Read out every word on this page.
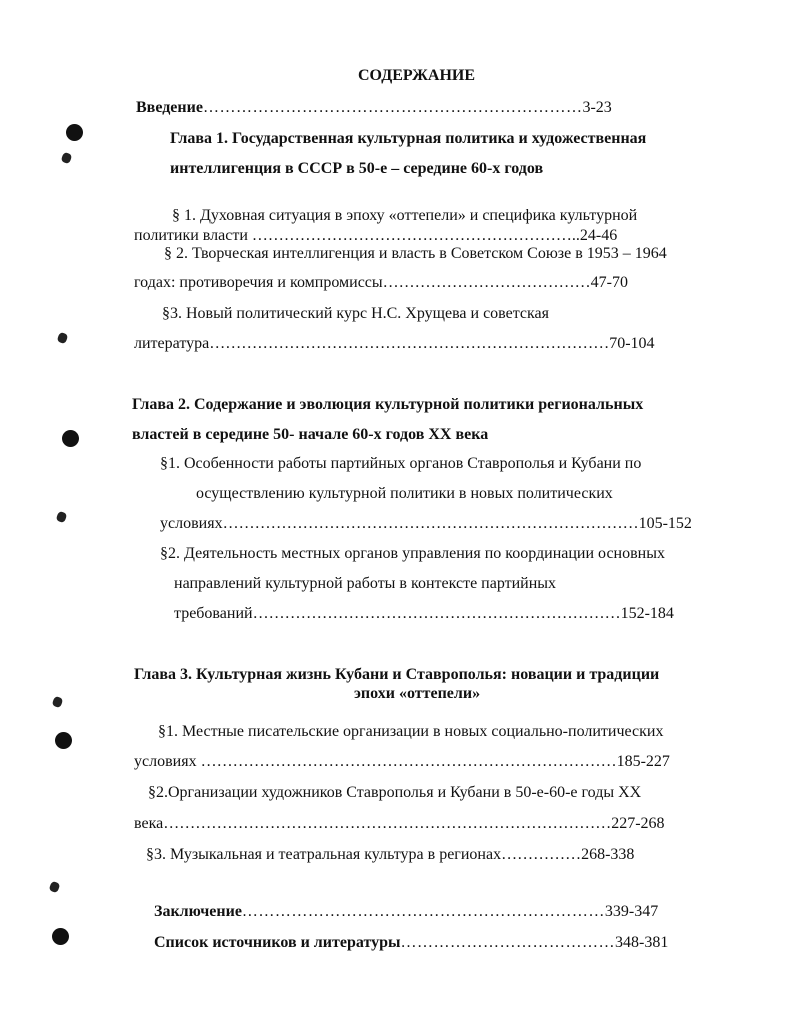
СОДЕРЖАНИЕ
Введение……………………………………………………………3-23
Глава 1. Государственная культурная политика и художественная
интеллигенция в СССР в 50-е – середине 60-х годов
§ 1. Духовная ситуация в эпоху «оттепели» и специфика культурной
политики власти ……………………………………………………..24-46
§ 2. Творческая интеллигенция и власть в Советском Союзе в 1953 – 1964
годах: противоречия и компромиссы…………………………………47-70
§3. Новый политический курс Н.С. Хрущева и советская
литература…………………………………………………………………70-104
Глава 2. Содержание и эволюция культурной политики региональных
властей в середине 50- начале 60-х годов XX века
§1. Особенности работы партийных органов Ставрополья и Кубани по
осуществлению культурной политики в новых политических
условиях……………………………………………………………………105-152
§2. Деятельность местных органов управления по координации основных
направлений культурной работы в контексте партийных
требований……………………………………………………………152-184
Глава 3. Культурная жизнь Кубани и Ставрополья: новации и традиции
эпохи «оттепели»
§1. Местные писательские организации в новых социально-политических
условиях ……………………………………………………………………185-227
§2.Организации художников Ставрополья и Кубани в 50-е-60-е годы XX
века…………………………………………………………………………227-268
§3. Музыкальная и театральная культура в регионах……………268-338
Заключение…………………………………………………………339-347
Список источников и литературы…………………………………348-381
